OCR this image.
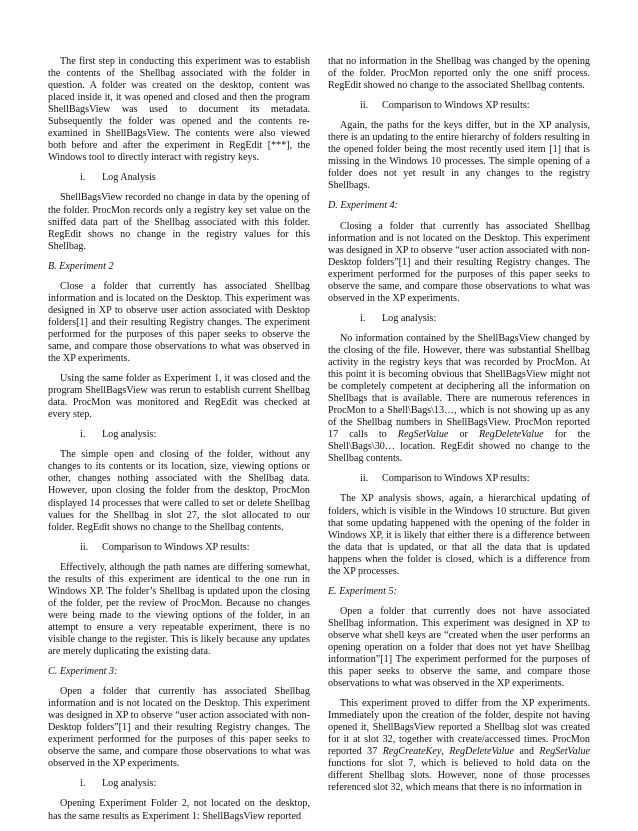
The first step in conducting this experiment was to establish the contents of the Shellbag associated with the folder in question. A folder was created on the desktop, content was placed inside it, it was opened and closed and then the program ShellBagsView was used to document its metadata. Subsequently the folder was opened and the contents re-examined in ShellBagsView. The contents were also viewed both before and after the experiment in RegEdit [***], the Windows tool to directly interact with registry keys.

i. Log Analysis

ShellBagsView recorded no change in data by the opening of the folder. ProcMon records only a registry key set value on the sniffed data part of the Shellbag associated with this folder. RegEdit shows no change in the registry values for this Shellbag.

B. Experiment 2

Close a folder that currently has associated Shellbag information and is located on the Desktop. This experiment was designed in XP to observe user action associated with Desktop folders[1] and their resulting Registry changes. The experiment performed for the purposes of this paper seeks to observe the same, and compare those observations to what was observed in the XP experiments.

Using the same folder as Experiment 1, it was closed and the program ShellBagsView was rerun to establish current Shellbag data. ProcMon was monitored and RegEdit was checked at every step.

i. Log analysis:

The simple open and closing of the folder, without any changes to its contents or its location, size, viewing options or other, changes nothing associated with the Shellbag data. However, upon closing the folder from the desktop, ProcMon displayed 14 processes that were called to set or delete Shellbag values for the Shellbag in slot 27, the slot allocated to our folder. RegEdit shows no change to the Shellbag contents.

ii. Comparison to Windows XP results:

Effectively, although the path names are differing somewhat, the results of this experiment are identical to the one run in Windows XP. The folder’s Shellbag is updated upon the closing of the folder, per the review of ProcMon. Because no changes were being made to the viewing options of the folder, in an attempt to ensure a very repeatable experiment, there is no visible change to the register. This is likely because any updates are merely duplicating the existing data.

C. Experiment 3:

Open a folder that currently has associated Shellbag information and is not located on the Desktop. This experiment was designed in XP to observe “user action associated with non-Desktop folders”[1] and their resulting Registry changes. The experiment performed for the purposes of this paper seeks to observe the same, and compare those observations to what was observed in the XP experiments.

i. Log analysis:

Opening Experiment Folder 2, not located on the desktop, has the same results as Experiment 1: ShellBagsView reported

that no information in the Shellbag was changed by the opening of the folder. ProcMon reported only the one sniff process. RegEdit showed no change to the associated Shellbag contents.

ii. Comparison to Windows XP results:

Again, the paths for the keys differ, but in the XP analysis, there is an updating to the entire hierarchy of folders resulting in the opened folder being the most recently used item [1] that is missing in the Windows 10 processes. The simple opening of a folder does not yet result in any changes to the registry Shellbags.

D. Experiment 4:

Closing a folder that currently has associated Shellbag information and is not located on the Desktop. This experiment was designed in XP to observe “user action associated with non-Desktop folders”[1] and their resulting Registry changes. The experiment performed for the purposes of this paper seeks to observe the same, and compare those observations to what was observed in the XP experiments.

i. Log analysis:

No information contained by the ShellBagsView changed by the closing of the file. However, there was substantial Shellbag activity in the registry keys that was recorded by ProcMon. At this point it is becoming obvious that ShellBagsView might not be completely competent at deciphering all the information on Shellbags that is available. There are numerous references in ProcMon to a Shell\Bags\13…, which is not showing up as any of the Shellbag numbers in ShellBagsView. ProcMon reported 17 calls to RegSetValue or RegDeleteValue for the Shell\Bags\30… location. RegEdit showed no change to the Shellbag contents.

ii. Comparison to Windows XP results:

The XP analysis shows, again, a hierarchical updating of folders, which is visible in the Windows 10 structure. But given that some updating happened with the opening of the folder in Windows XP, it is likely that either there is a difference between the data that is updated, or that all the data that is updated happens when the folder is closed, which is a difference from the XP processes.

E. Experiment 5:

Open a folder that currently does not have associated Shellbag information. This experiment was designed in XP to observe what shell keys are “created when the user performs an opening operation on a folder that does not yet have Shellbag information”[1] The experiment performed for the purposes of this paper seeks to observe the same, and compare those observations to what was observed in the XP experiments.

This experiment proved to differ from the XP experiments. Immediately upon the creation of the folder, despite not having opened it, ShellBagsView reported a Shellbag slot was created for it at slot 32, together with create/accessed times. ProcMon reported 37 RegCreateKey, RegDeleteValue and RegSetValue functions for slot 7, which is believed to hold data on the different Shellbag slots. However, none of those processes referenced slot 32, which means that there is no information in
